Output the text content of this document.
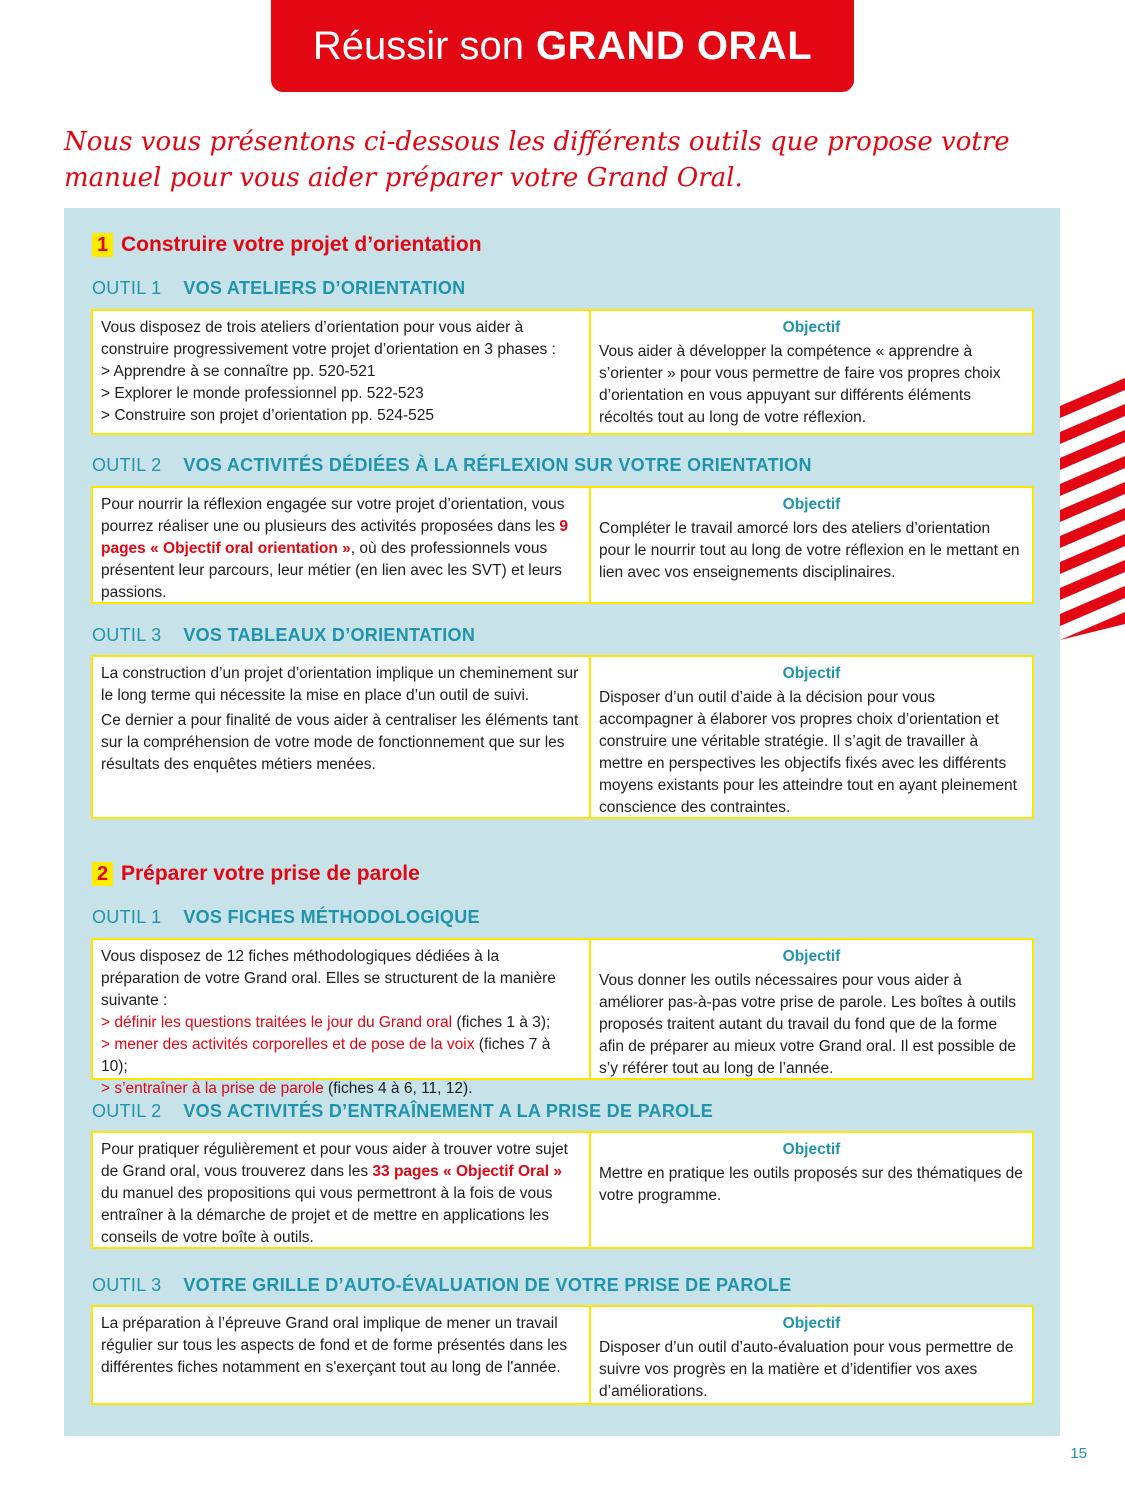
Réussir son GRAND ORAL
Nous vous présentons ci-dessous les différents outils que propose votre manuel pour vous aider préparer votre Grand Oral.
1 Construire votre projet d’orientation
OUTIL 1 VOS ATELIERS D’ORIENTATION
Vous disposez de trois ateliers d’orientation pour vous aider à construire progressivement votre projet d’orientation en 3 phases :
> Apprendre à se connaître pp. 520-521
> Explorer le monde professionnel pp. 522-523
> Construire son projet d’orientation pp. 524-525
Objectif
Vous aider à développer la compétence « apprendre à s’orienter » pour vous permettre de faire vos propres choix d’orientation en vous appuyant sur différents éléments récoltés tout au long de votre réflexion.
OUTIL 2 VOS ACTIVITÉS DÉDIÉES À LA RÉFLEXION SUR VOTRE ORIENTATION
Pour nourrir la réflexion engagée sur votre projet d’orientation, vous pourrez réaliser une ou plusieurs des activités proposées dans les 9 pages « Objectif oral orientation », où des professionnels vous présentent leur parcours, leur métier (en lien avec les SVT) et leurs passions.
Objectif
Compléter le travail amorcé lors des ateliers d’orientation pour le nourrir tout au long de votre réflexion en le mettant en lien avec vos enseignements disciplinaires.
OUTIL 3 VOS TABLEAUX D’ORIENTATION
La construction d’un projet d’orientation implique un cheminement sur le long terme qui nécessite la mise en place d’un outil de suivi.
Ce dernier a pour finalité de vous aider à centraliser les éléments tant sur la compréhension de votre mode de fonctionnement que sur les résultats des enquêtes métiers menées.
Objectif
Disposer d’un outil d’aide à la décision pour vous accompagner à élaborer vos propres choix d’orientation et construire une véritable stratégie. Il s’agit de travailler à mettre en perspectives les objectifs fixés avec les différents moyens existants pour les atteindre tout en ayant pleinement conscience des contraintes.
2 Préparer votre prise de parole
OUTIL 1 VOS FICHES MÉTHODOLOGIQUE
Vous disposez de 12 fiches méthodologiques dédiées à la préparation de votre Grand oral. Elles se structurent de la manière suivante :
> définir les questions traitées le jour du Grand oral (fiches 1 à 3);
> mener des activités corporelles et de pose de la voix (fiches 7 à 10);
> s’entraîner à la prise de parole (fiches 4 à 6, 11, 12).
Objectif
Vous donner les outils nécessaires pour vous aider à améliorer pas-à-pas votre prise de parole. Les boîtes à outils proposés traitent autant du travail du fond que de la forme afin de préparer au mieux votre Grand oral. Il est possible de s’y référer tout au long de l’année.
OUTIL 2 VOS ACTIVITÉS D’ENTRAÎNEMENT A LA PRISE DE PAROLE
Pour pratiquer régulièrement et pour vous aider à trouver votre sujet de Grand oral, vous trouverez dans les 33 pages « Objectif Oral » du manuel des propositions qui vous permettront à la fois de vous entraîner à la démarche de projet et de mettre en applications les conseils de votre boîte à outils.
Objectif
Mettre en pratique les outils proposés sur des thématiques de votre programme.
OUTIL 3 VOTRE GRILLE D’AUTO-ÉVALUATION DE VOTRE PRISE DE PAROLE
La préparation à l’épreuve Grand oral implique de mener un travail régulier sur tous les aspects de fond et de forme présentés dans les différentes fiches notamment en s'exerçant tout au long de l'année.
Objectif
Disposer d’un outil d’auto-évaluation pour vous permettre de suivre vos progrès en la matière et d’identifier vos axes d’améliorations.
15
